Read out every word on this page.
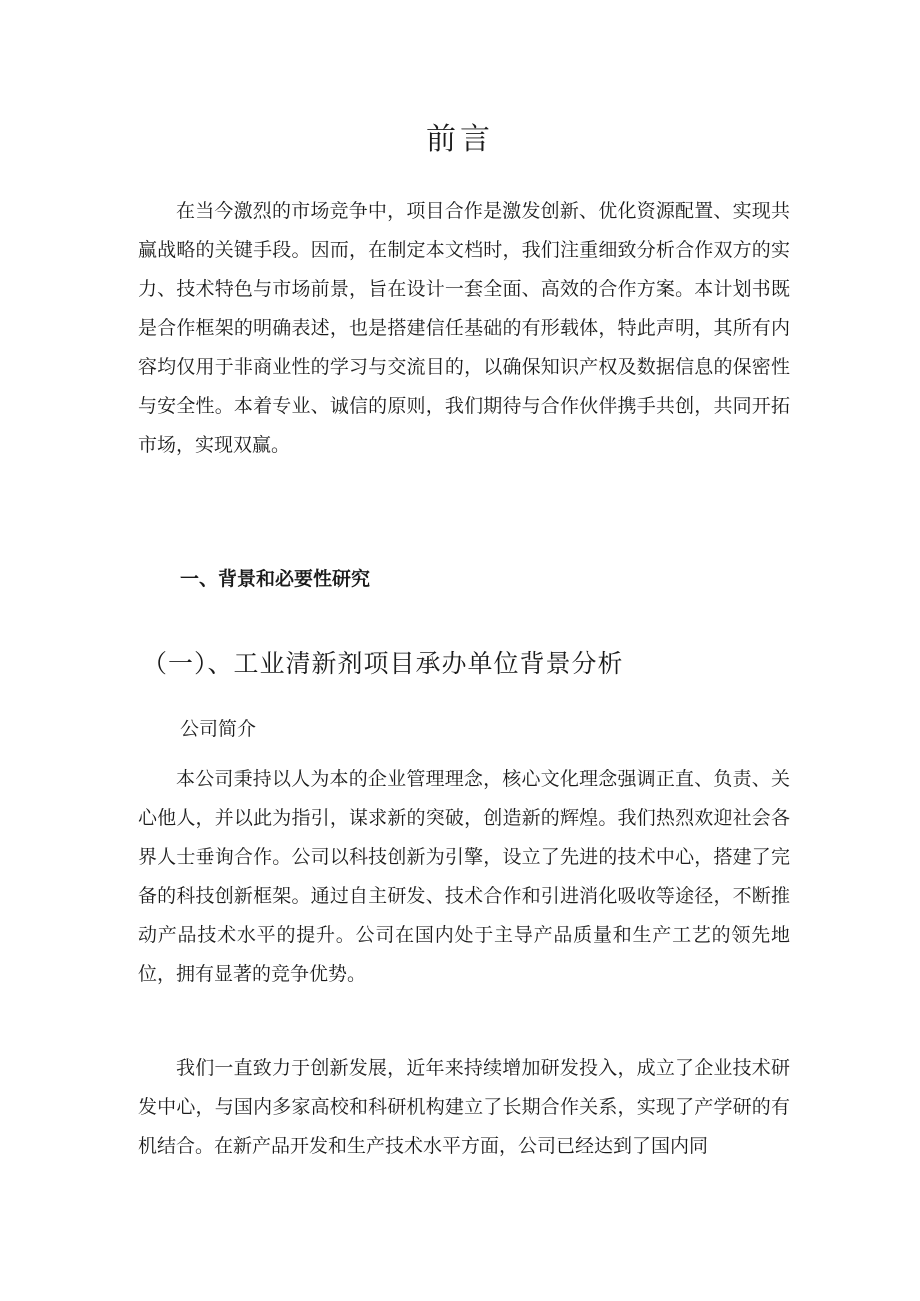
前言

在当今激烈的市场竞争中，项目合作是激发创新、优化资源配置、实现共赢战略的关键手段。因而，在制定本文档时，我们注重细致分析合作双方的实力、技术特色与市场前景，旨在设计一套全面、高效的合作方案。本计划书既是合作框架的明确表述，也是搭建信任基础的有形载体，特此声明，其所有内容均仅用于非商业性的学习与交流目的，以确保知识产权及数据信息的保密性与安全性。本着专业、诚信的原则，我们期待与合作伙伴携手共创，共同开拓市场，实现双赢。

一、背景和必要性研究
（一）、工业清新剂项目承办单位背景分析
公司简介

本公司秉持以人为本的企业管理理念，核心文化理念强调正直、负责、关心他人，并以此为指引，谋求新的突破，创造新的辉煌。我们热烈欢迎社会各界人士垂询合作。公司以科技创新为引擎，设立了先进的技术中心，搭建了完备的科技创新框架。通过自主研发、技术合作和引进消化吸收等途径，不断推动产品技术水平的提升。公司在国内处于主导产品质量和生产工艺的领先地位，拥有显著的竞争优势。

我们一直致力于创新发展，近年来持续增加研发投入，成立了企业技术研发中心，与国内多家高校和科研机构建立了长期合作关系，实现了产学研的有机结合。在新产品开发和生产技术水平方面，公司已经达到了国内同
